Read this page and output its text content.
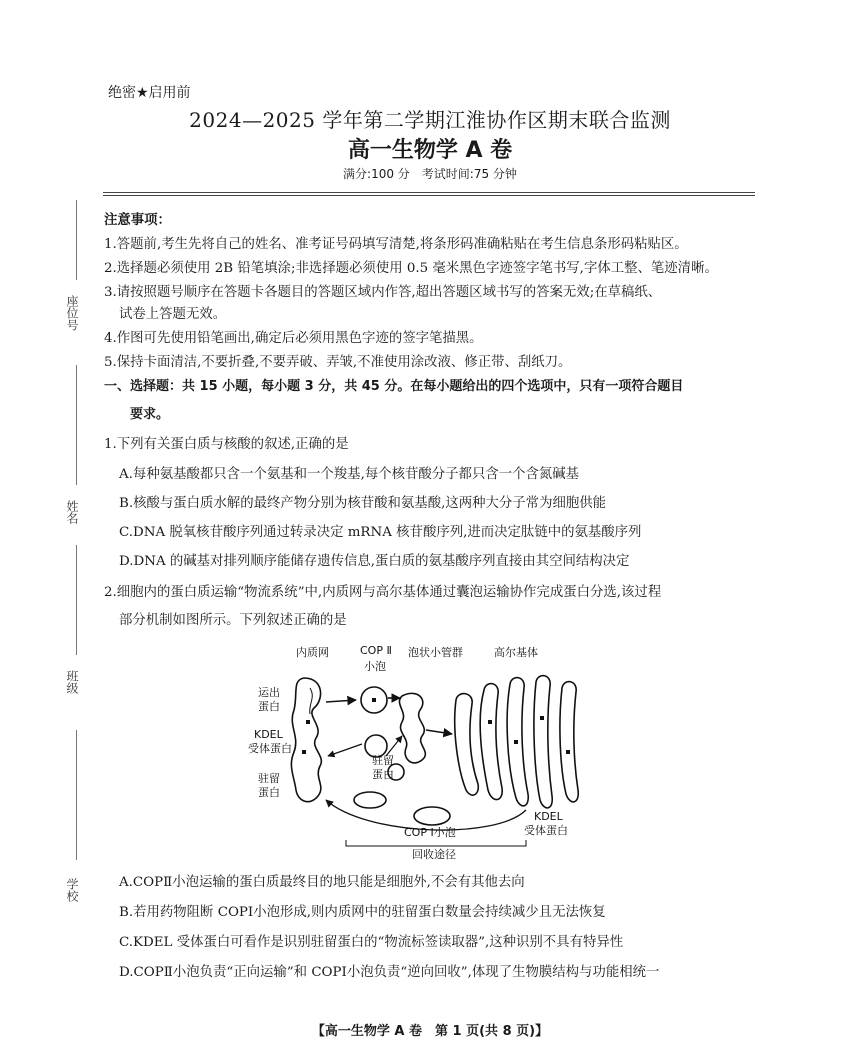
座位号
姓名
班级
学校
绝密★启用前
2024—2025 学年第二学期江淮协作区期末联合监测
高一生物学 A 卷
满分:100 分　考试时间:75 分钟
注意事项：
1.答题前,考生先将自己的姓名、准考证号码填写清楚,将条形码准确粘贴在考生信息条形码粘贴区。
2.选择题必须使用 2B 铅笔填涂;非选择题必须使用 0.5 毫米黑色字迹签字笔书写,字体工整、笔迹清晰。
3.请按照题号顺序在答题卡各题目的答题区域内作答,超出答题区域书写的答案无效;在草稿纸、
试卷上答题无效。
4.作图可先使用铅笔画出,确定后必须用黑色字迹的签字笔描黑。
5.保持卡面清洁,不要折叠,不要弄破、弄皱,不准使用涂改液、修正带、刮纸刀。
一、选择题：共 15 小题，每小题 3 分，共 45 分。在每小题给出的四个选项中，只有一项符合题目
要求。
1.下列有关蛋白质与核酸的叙述,正确的是
A.每种氨基酸都只含一个氨基和一个羧基,每个核苷酸分子都只含一个含氮碱基
B.核酸与蛋白质水解的最终产物分别为核苷酸和氨基酸,这两种大分子常为细胞供能
C.DNA 脱氧核苷酸序列通过转录决定 mRNA 核苷酸序列,进而决定肽链中的氨基酸序列
D.DNA 的碱基对排列顺序能储存遗传信息,蛋白质的氨基酸序列直接由其空间结构决定
2.细胞内的蛋白质运输“物流系统”中,内质网与高尔基体通过囊泡运输协作完成蛋白分选,该过程
部分机制如图所示。下列叙述正确的是
内质网	COP Ⅱ
小泡
泡状小管群	高尔基体
运出
蛋白
KDEL
受体蛋白
驻留
蛋白
驻留
蛋白
COP Ⅰ小泡
KDEL
受体蛋白
回收途径
A.COPⅡ小泡运输的蛋白质最终目的地只能是细胞外,不会有其他去向
B.若用药物阻断 COPⅠ小泡形成,则内质网中的驻留蛋白数量会持续减少且无法恢复
C.KDEL 受体蛋白可看作是识别驻留蛋白的“物流标签读取器”,这种识别不具有特异性
D.COPⅡ小泡负责“正向运输”和 COPⅠ小泡负责“逆向回收”,体现了生物膜结构与功能相统一
【高一生物学 A 卷　第 1 页(共 8 页)】
